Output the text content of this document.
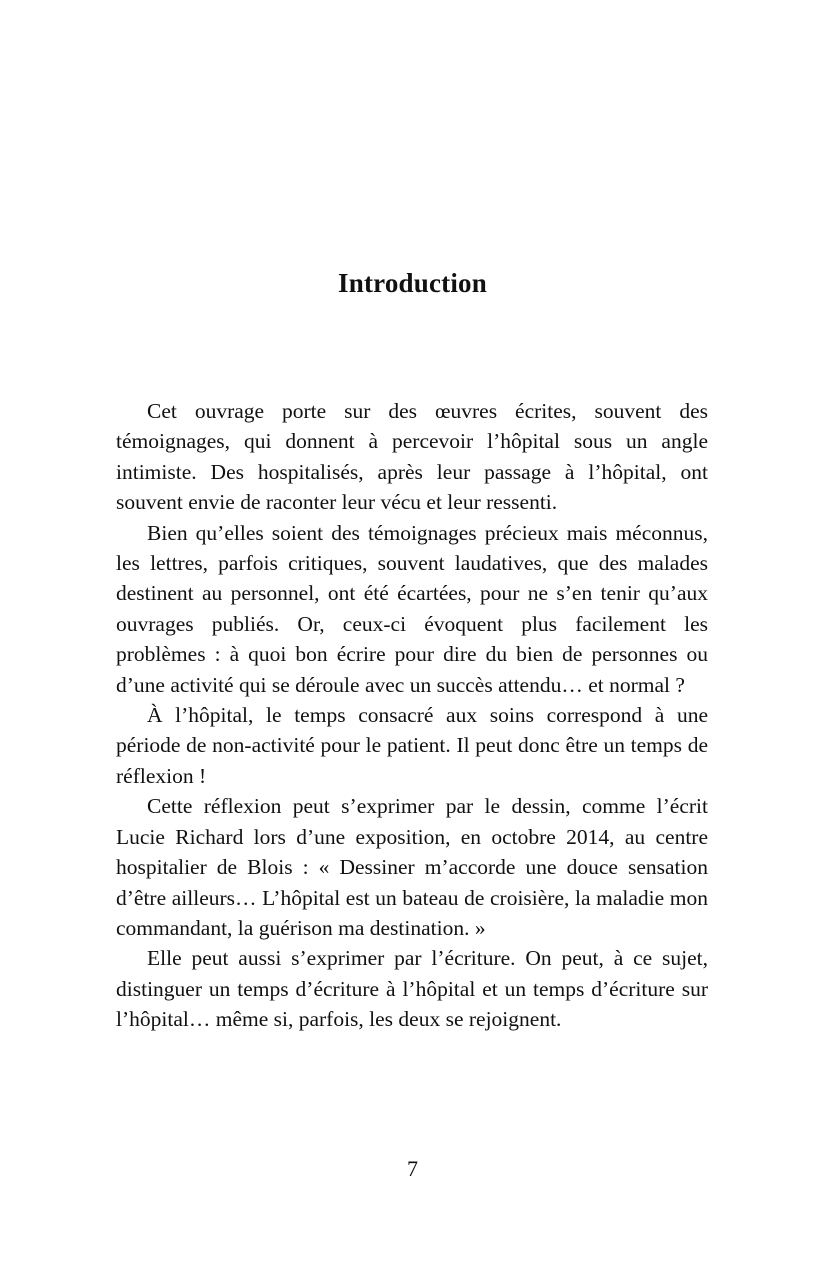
Introduction

Cet ouvrage porte sur des œuvres écrites, souvent des témoignages, qui donnent à percevoir l’hôpital sous un angle intimiste. Des hospitalisés, après leur passage à l’hôpital, ont souvent envie de raconter leur vécu et leur ressenti.

Bien qu’elles soient des témoignages précieux mais méconnus, les lettres, parfois critiques, souvent laudatives, que des malades destinent au personnel, ont été écartées, pour ne s’en tenir qu’aux ouvrages publiés. Or, ceux-ci évoquent plus facilement les problèmes : à quoi bon écrire pour dire du bien de personnes ou d’une activité qui se déroule avec un succès attendu… et normal ?

À l’hôpital, le temps consacré aux soins correspond à une période de non-activité pour le patient. Il peut donc être un temps de réflexion !

Cette réflexion peut s’exprimer par le dessin, comme l’écrit Lucie Richard lors d’une exposition, en octobre 2014, au centre hospitalier de Blois : « Dessiner m’accorde une douce sensation d’être ailleurs… L’hôpital est un bateau de croisière, la maladie mon commandant, la guérison ma destination. »

Elle peut aussi s’exprimer par l’écriture. On peut, à ce sujet, distinguer un temps d’écriture à l’hôpital et un temps d’écriture sur l’hôpital… même si, parfois, les deux se rejoignent.

7
